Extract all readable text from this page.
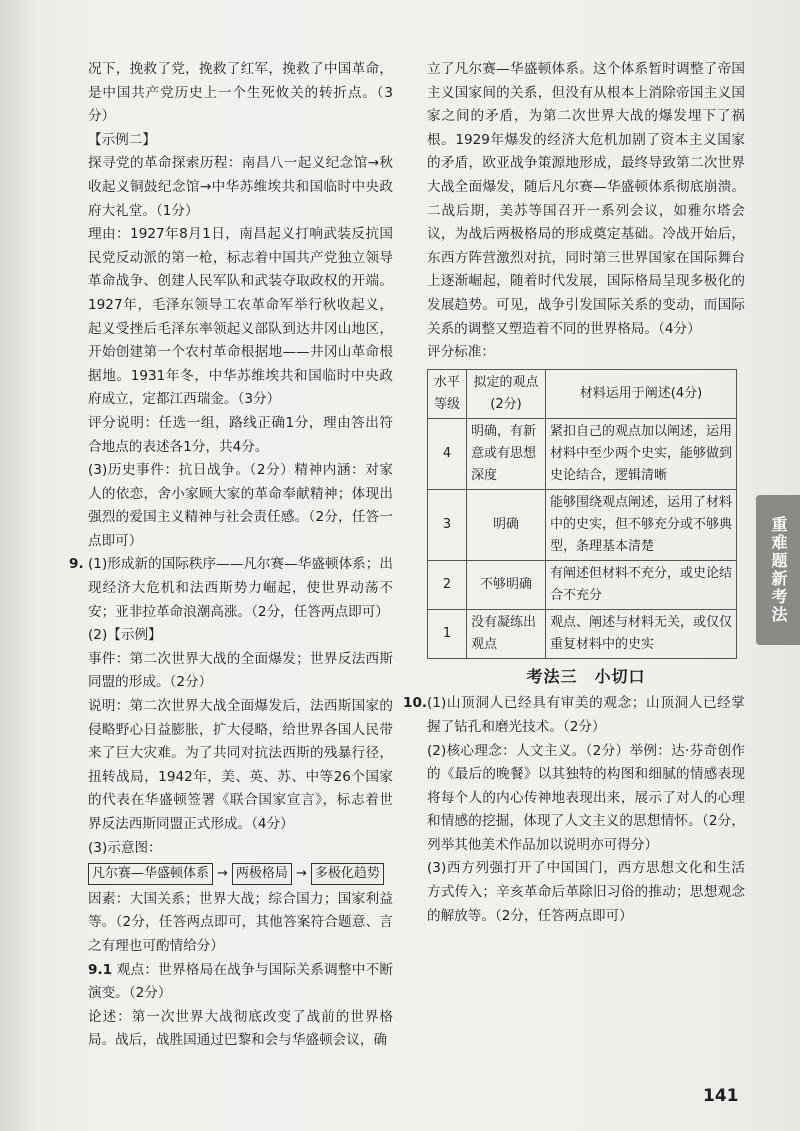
况下，挽救了党，挽救了红军，挽救了中国革命，是中国共产党历史上一个生死攸关的转折点。（3分）

【示例二】

探寻党的革命探索历程：南昌八一起义纪念馆→秋收起义铜鼓纪念馆→中华苏维埃共和国临时中央政府大礼堂。（1分）

理由：1927年8月1日，南昌起义打响武装反抗国民党反动派的第一枪，标志着中国共产党独立领导革命战争、创建人民军队和武装夺取政权的开端。1927年，毛泽东领导工农革命军举行秋收起义，起义受挫后毛泽东率领起义部队到达井冈山地区，开始创建第一个农村革命根据地——井冈山革命根据地。1931年冬，中华苏维埃共和国临时中央政府成立，定都江西瑞金。（3分）

评分说明：任选一组，路线正确1分，理由答出符合地点的表述各1分，共4分。

(3)历史事件：抗日战争。（2分）精神内涵：对家人的依恋，舍小家顾大家的革命奉献精神；体现出强烈的爱国主义精神与社会责任感。（2分，任答一点即可）

9. (1)形成新的国际秩序——凡尔赛—华盛顿体系；出现经济大危机和法西斯势力崛起，使世界动荡不安；亚非拉革命浪潮高涨。（2分，任答两点即可）

(2)【示例】

事件：第二次世界大战的全面爆发；世界反法西斯同盟的形成。（2分）

说明：第二次世界大战全面爆发后，法西斯国家的侵略野心日益膨胀，扩大侵略，给世界各国人民带来了巨大灾难。为了共同对抗法西斯的残暴行径，扭转战局，1942年，美、英、苏、中等26个国家的代表在华盛顿签署《联合国家宣言》，标志着世界反法西斯同盟正式形成。（4分）

(3)示意图：

凡尔赛—华盛顿体系 → 两极格局 → 多极化趋势

因素：大国关系；世界大战；综合国力；国家利益等。（2分，任答两点即可，其他答案符合题意、言之有理也可酌情给分）

9.1 观点：世界格局在战争与国际关系调整中不断演变。（2分）

论述：第一次世界大战彻底改变了战前的世界格局。战后，战胜国通过巴黎和会与华盛顿会议，确

立了凡尔赛—华盛顿体系。这个体系暂时调整了帝国主义国家间的关系，但没有从根本上消除帝国主义国家之间的矛盾，为第二次世界大战的爆发埋下了祸根。1929年爆发的经济大危机加剧了资本主义国家的矛盾，欧亚战争策源地形成，最终导致第二次世界大战全面爆发，随后凡尔赛—华盛顿体系彻底崩溃。二战后期，美苏等国召开一系列会议，如雅尔塔会议，为战后两极格局的形成奠定基础。冷战开始后，东西方阵营激烈对抗，同时第三世界国家在国际舞台上逐渐崛起，随着时代发展，国际格局呈现多极化的发展趋势。可见，战争引发国际关系的变动，而国际关系的调整又塑造着不同的世界格局。（4分）

评分标准：

水平等级	拟定的观点(2分)	材料运用于阐述(4分)
4	明确，有新意或有思想深度	紧扣自己的观点加以阐述，运用材料中至少两个史实，能够做到史论结合，逻辑清晰
3	明确	能够围绕观点阐述，运用了材料中的史实，但不够充分或不够典型，条理基本清楚
2	不够明确	有阐述但材料不充分，或史论结合不充分
1	没有凝练出观点	观点、阐述与材料无关，或仅仅重复材料中的史实
考法三　小切口

10.(1)山顶洞人已经具有审美的观念；山顶洞人已经掌握了钻孔和磨光技术。（2分）

(2)核心理念：人文主义。（2分）举例：达·芬奇创作的《最后的晚餐》以其独特的构图和细腻的情感表现将每个人的内心传神地表现出来，展示了对人的心理和情感的挖掘，体现了人文主义的思想情怀。（2分，列举其他美术作品加以说明亦可得分）

(3)西方列强打开了中国国门，西方思想文化和生活方式传入；辛亥革命后革除旧习俗的推动；思想观念的解放等。（2分，任答两点即可）

重难题新考法
141
